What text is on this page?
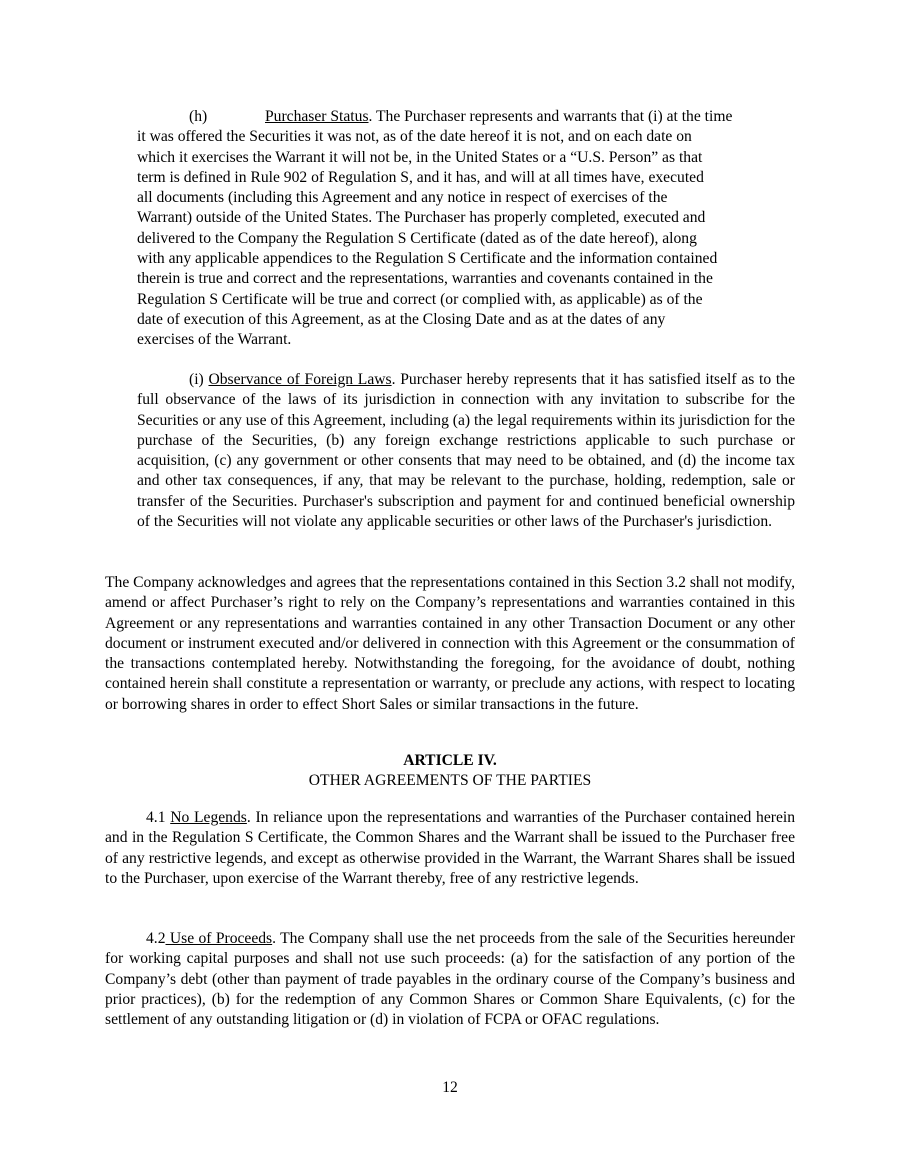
(h)	Purchaser Status. The Purchaser represents and warrants that (i) at the time
it was offered the Securities it was not, as of the date hereof it is not, and on each date on
which it exercises the Warrant it will not be, in the United States or a “U.S. Person” as that
term is defined in Rule 902 of Regulation S, and it has, and will at all times have, executed
all documents (including this Agreement and any notice in respect of exercises of the
Warrant) outside of the United States. The Purchaser has properly completed, executed and
delivered to the Company the Regulation S Certificate (dated as of the date hereof), along
with any applicable appendices to the Regulation S Certificate and the information contained
therein is true and correct and the representations, warranties and covenants contained in the
Regulation S Certificate will be true and correct (or complied with, as applicable) as of the
date of execution of this Agreement, as at the Closing Date and as at the dates of any
exercises of the Warrant.

(i) Observance of Foreign Laws. Purchaser hereby represents that it has satisfied itself as to the full observance of the laws of its jurisdiction in connection with any invitation to subscribe for the Securities or any use of this Agreement, including (a) the legal requirements within its jurisdiction for the purchase of the Securities, (b) any foreign exchange restrictions applicable to such purchase or acquisition, (c) any government or other consents that may need to be obtained, and (d) the income tax and other tax consequences, if any, that may be relevant to the purchase, holding, redemption, sale or transfer of the Securities. Purchaser's subscription and payment for and continued beneficial ownership of the Securities will not violate any applicable securities or other laws of the Purchaser's jurisdiction.

The Company acknowledges and agrees that the representations contained in this Section 3.2 shall not modify, amend or affect Purchaser’s right to rely on the Company’s representations and warranties contained in this Agreement or any representations and warranties contained in any other Transaction Document or any other document or instrument executed and/or delivered in connection with this Agreement or the consummation of the transactions contemplated hereby. Notwithstanding the foregoing, for the avoidance of doubt, nothing contained herein shall constitute a representation or warranty, or preclude any actions, with respect to locating or borrowing shares in order to effect Short Sales or similar transactions in the future.

ARTICLE IV.
OTHER AGREEMENTS OF THE PARTIES

4.1 No Legends. In reliance upon the representations and warranties of the Purchaser contained herein and in the Regulation S Certificate, the Common Shares and the Warrant shall be issued to the Purchaser free of any restrictive legends, and except as otherwise provided in the Warrant, the Warrant Shares shall be issued to the Purchaser, upon exercise of the Warrant thereby, free of any restrictive legends.

4.2 Use of Proceeds. The Company shall use the net proceeds from the sale of the Securities hereunder for working capital purposes and shall not use such proceeds: (a) for the satisfaction of any portion of the Company’s debt (other than payment of trade payables in the ordinary course of the Company’s business and prior practices), (b) for the redemption of any Common Shares or Common Share Equivalents, (c) for the settlement of any outstanding litigation or (d) in violation of FCPA or OFAC regulations.

12
